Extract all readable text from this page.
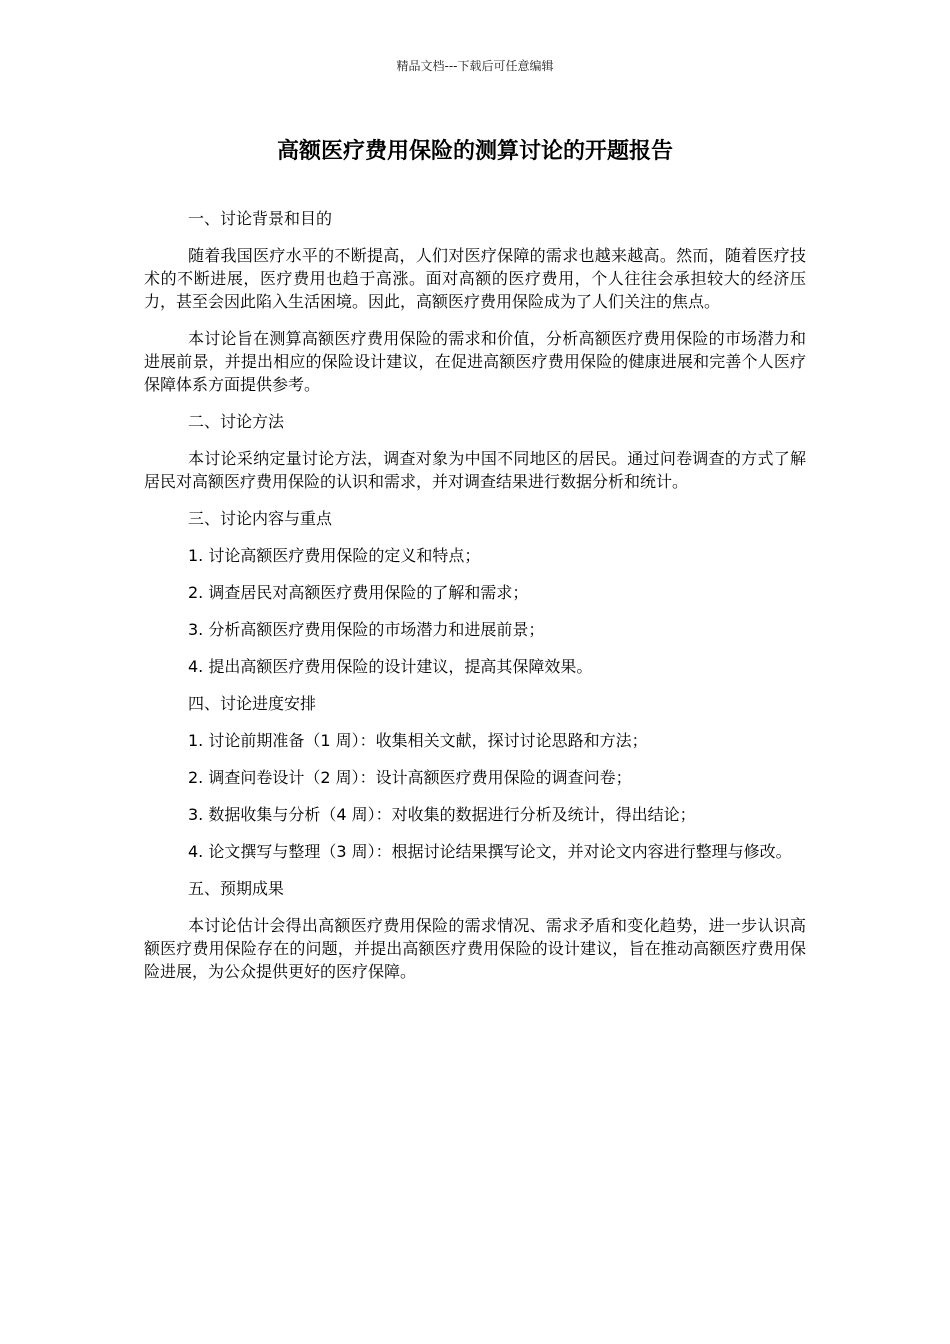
精品文档---下载后可任意编辑
高额医疗费用保险的测算讨论的开题报告

一、讨论背景和目的

随着我国医疗水平的不断提高，人们对医疗保障的需求也越来越高。然而，随着医疗技术的不断进展，医疗费用也趋于高涨。面对高额的医疗费用，个人往往会承担较大的经济压力，甚至会因此陷入生活困境。因此，高额医疗费用保险成为了人们关注的焦点。

本讨论旨在测算高额医疗费用保险的需求和价值，分析高额医疗费用保险的市场潜力和进展前景，并提出相应的保险设计建议，在促进高额医疗费用保险的健康进展和完善个人医疗保障体系方面提供参考。

二、讨论方法

本讨论采纳定量讨论方法，调查对象为中国不同地区的居民。通过问卷调查的方式了解居民对高额医疗费用保险的认识和需求，并对调查结果进行数据分析和统计。

三、讨论内容与重点

1. 讨论高额医疗费用保险的定义和特点；

2. 调查居民对高额医疗费用保险的了解和需求；

3. 分析高额医疗费用保险的市场潜力和进展前景；

4. 提出高额医疗费用保险的设计建议，提高其保障效果。

四、讨论进度安排

1. 讨论前期准备（1 周）：收集相关文献，探讨讨论思路和方法；

2. 调查问卷设计（2 周）：设计高额医疗费用保险的调查问卷；

3. 数据收集与分析（4 周）：对收集的数据进行分析及统计，得出结论；

4. 论文撰写与整理（3 周）：根据讨论结果撰写论文，并对论文内容进行整理与修改。

五、预期成果

本讨论估计会得出高额医疗费用保险的需求情况、需求矛盾和变化趋势，进一步认识高额医疗费用保险存在的问题，并提出高额医疗费用保险的设计建议，旨在推动高额医疗费用保险进展，为公众提供更好的医疗保障。
